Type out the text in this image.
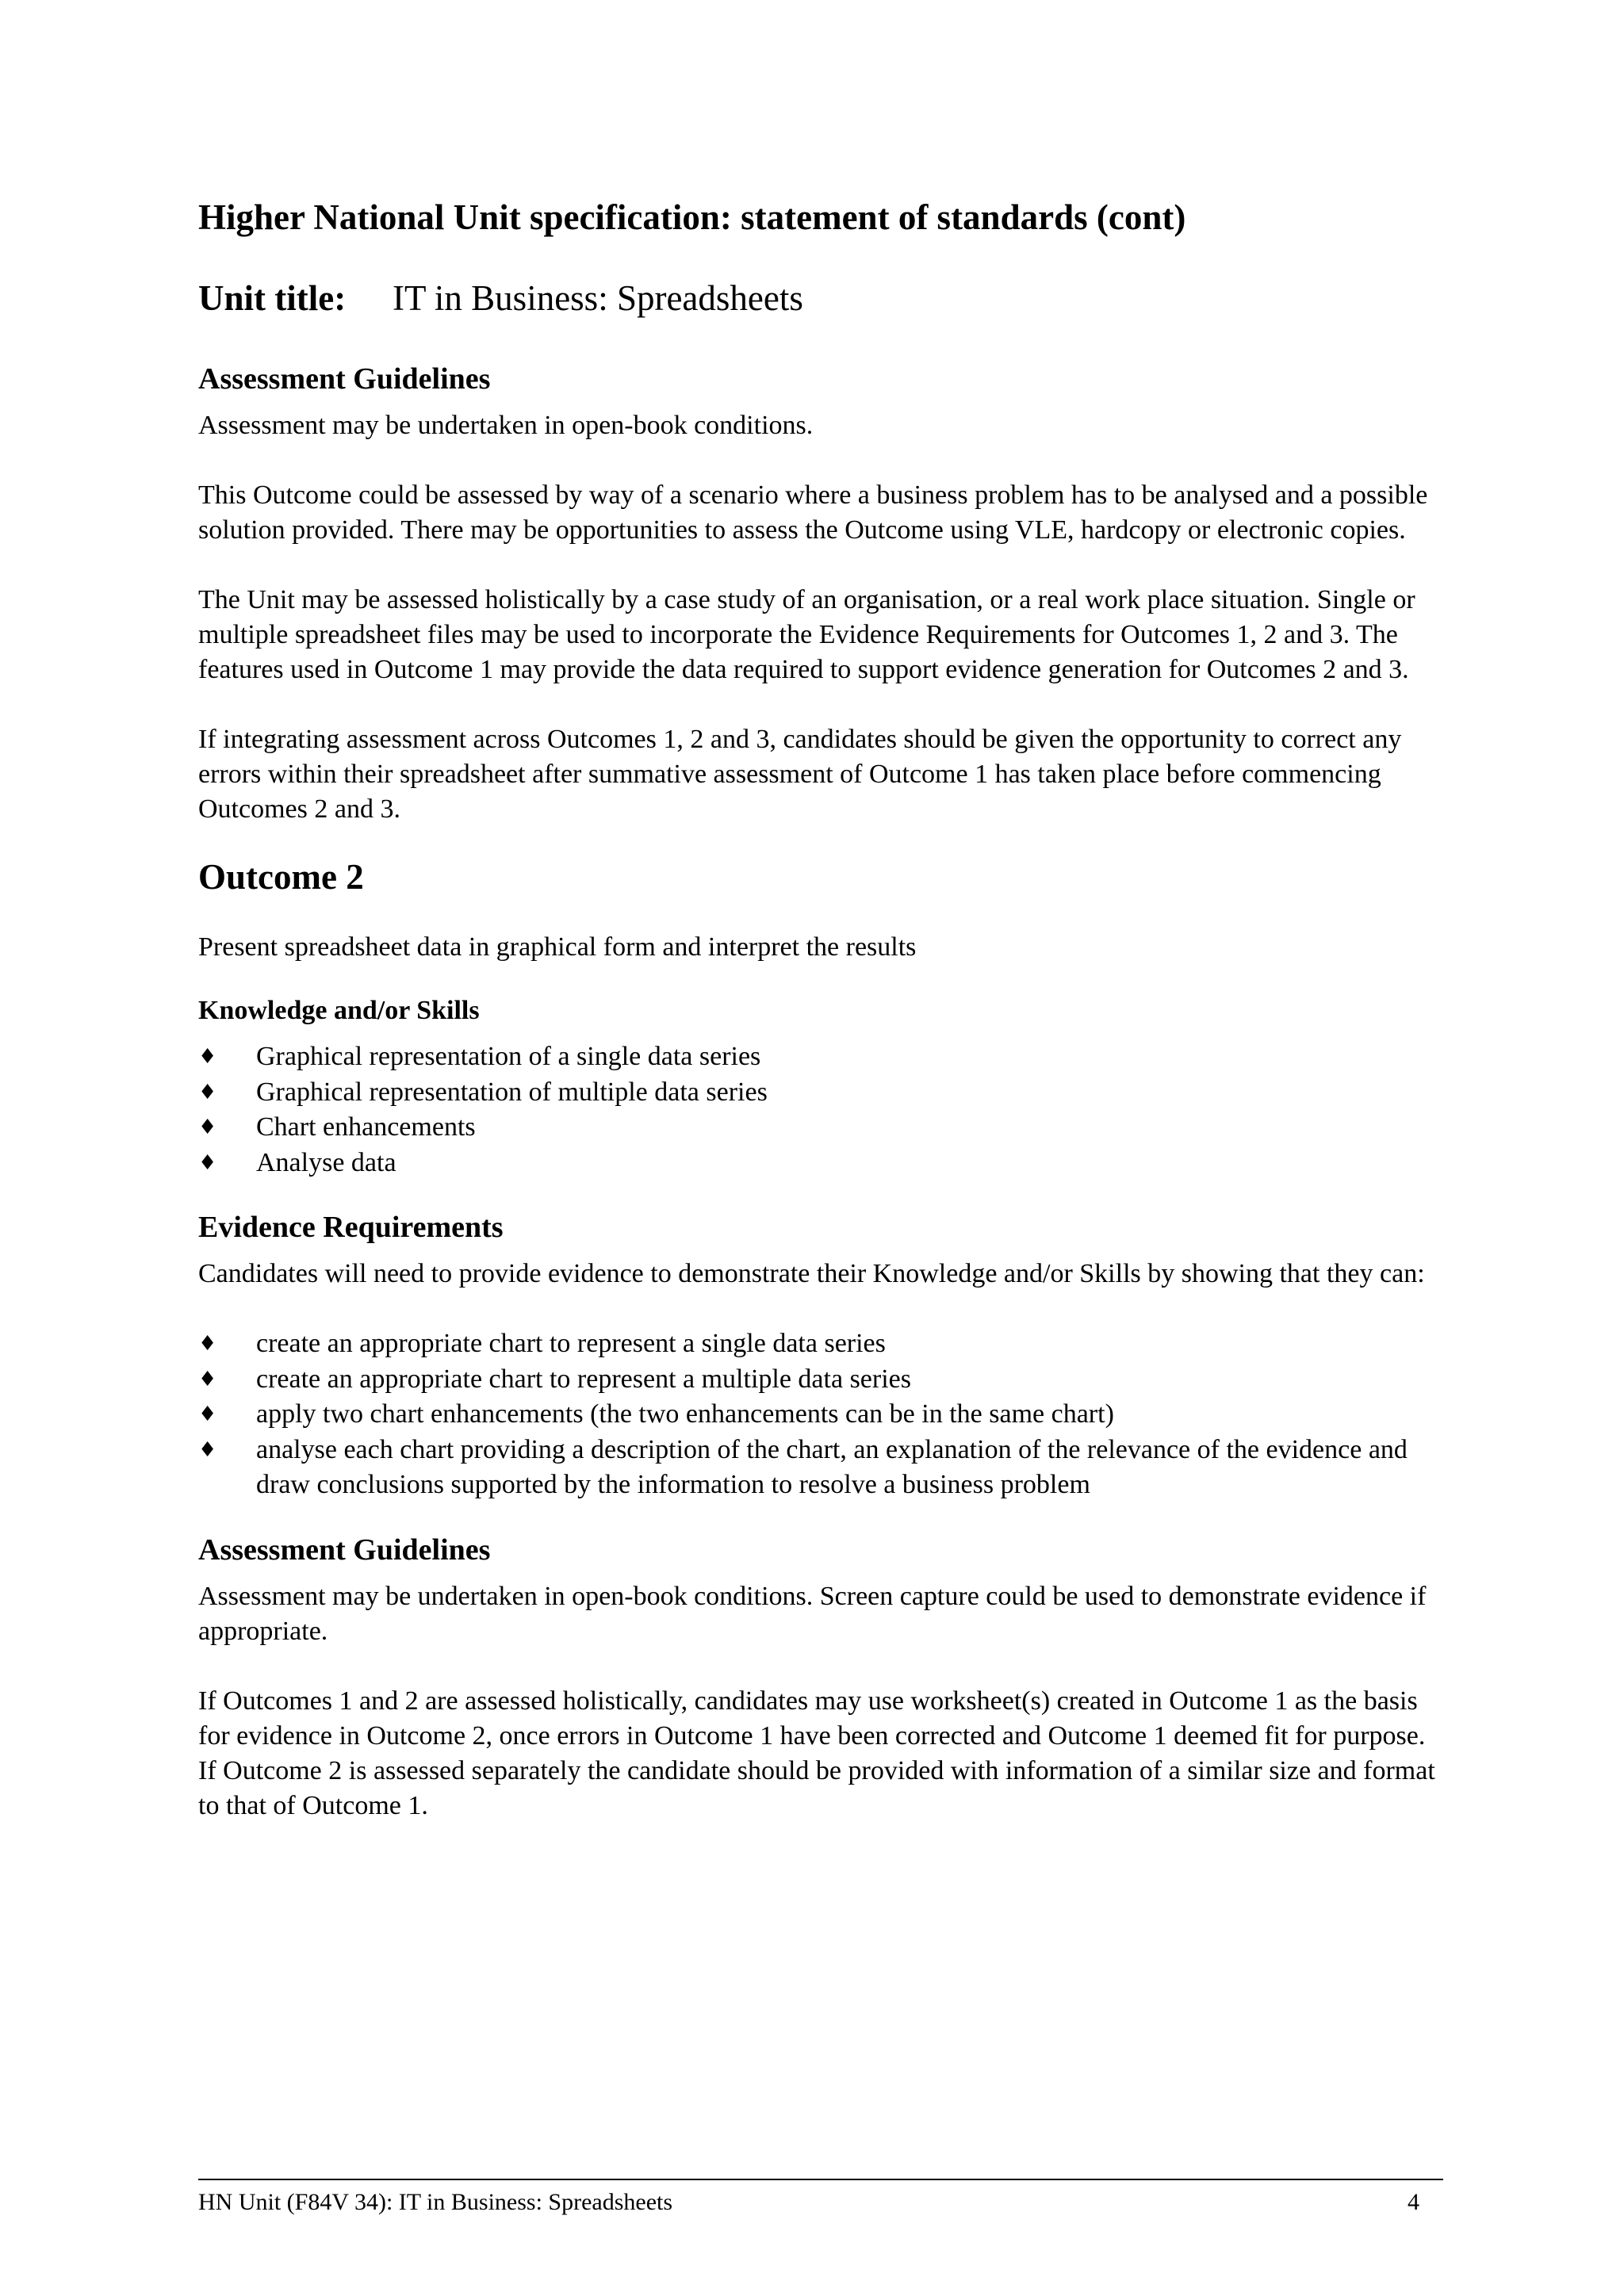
Higher National Unit specification: statement of standards (cont)
Unit title: IT in Business: Spreadsheets
Assessment Guidelines

Assessment may be undertaken in open-book conditions.

This Outcome could be assessed by way of a scenario where a business problem has to be analysed and a possible solution provided. There may be opportunities to assess the Outcome using VLE, hardcopy or electronic copies.

The Unit may be assessed holistically by a case study of an organisation, or a real work place situation. Single or multiple spreadsheet files may be used to incorporate the Evidence Requirements for Outcomes 1, 2 and 3. The features used in Outcome 1 may provide the data required to support evidence generation for Outcomes 2 and 3.

If integrating assessment across Outcomes 1, 2 and 3, candidates should be given the opportunity to correct any errors within their spreadsheet after summative assessment of Outcome 1 has taken place before commencing Outcomes 2 and 3.

Outcome 2

Present spreadsheet data in graphical form and interpret the results

Knowledge and/or Skills
♦ Graphical representation of a single data series
♦ Graphical representation of multiple data series
♦ Chart enhancements
♦ Analyse data
Evidence Requirements

Candidates will need to provide evidence to demonstrate their Knowledge and/or Skills by showing that they can:

♦ create an appropriate chart to represent a single data series
♦ create an appropriate chart to represent a multiple data series
♦ apply two chart enhancements (the two enhancements can be in the same chart)
♦ analyse each chart providing a description of the chart, an explanation of the relevance of the evidence and draw conclusions supported by the information to resolve a business problem
Assessment Guidelines

Assessment may be undertaken in open-book conditions. Screen capture could be used to demonstrate evidence if appropriate.

If Outcomes 1 and 2 are assessed holistically, candidates may use worksheet(s) created in Outcome 1 as the basis for evidence in Outcome 2, once errors in Outcome 1 have been corrected and Outcome 1 deemed fit for purpose. If Outcome 2 is assessed separately the candidate should be provided with information of a similar size and format to that of Outcome 1.

HN Unit (F84V 34): IT in Business: Spreadsheets	4
